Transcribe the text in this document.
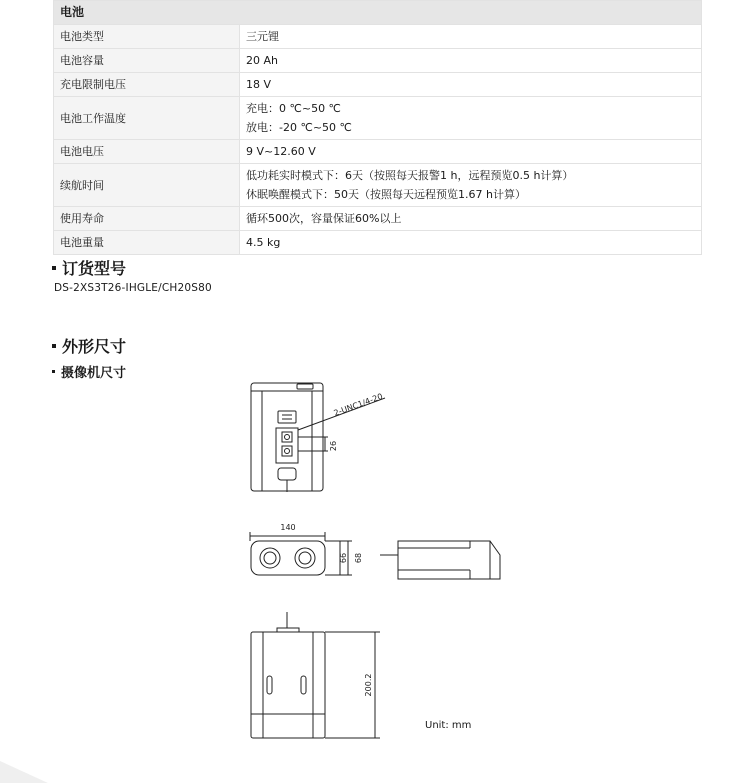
电池	
电池类型	三元锂

电池容量	20 Ah

充电限制电压	18 V

电池工作温度	充电：0 ℃~50 ℃
放电：-20 ℃~50 ℃

电池电压	9 V~12.60 V

续航时间	低功耗实时模式下：6天（按照每天报警1 h，远程预览0.5 h计算）
休眠唤醒模式下：50天（按照每天远程预览1.67 h计算）

使用寿命	循环500次，容量保证60%以上

电池重量	4.5 kg
订货型号
DS-2XS3T26-IHGLE/CH20S80
外形尺寸
摄像机尺寸
2-UNC1/4-20
26
140
66 68
200.2
Unit: mm
